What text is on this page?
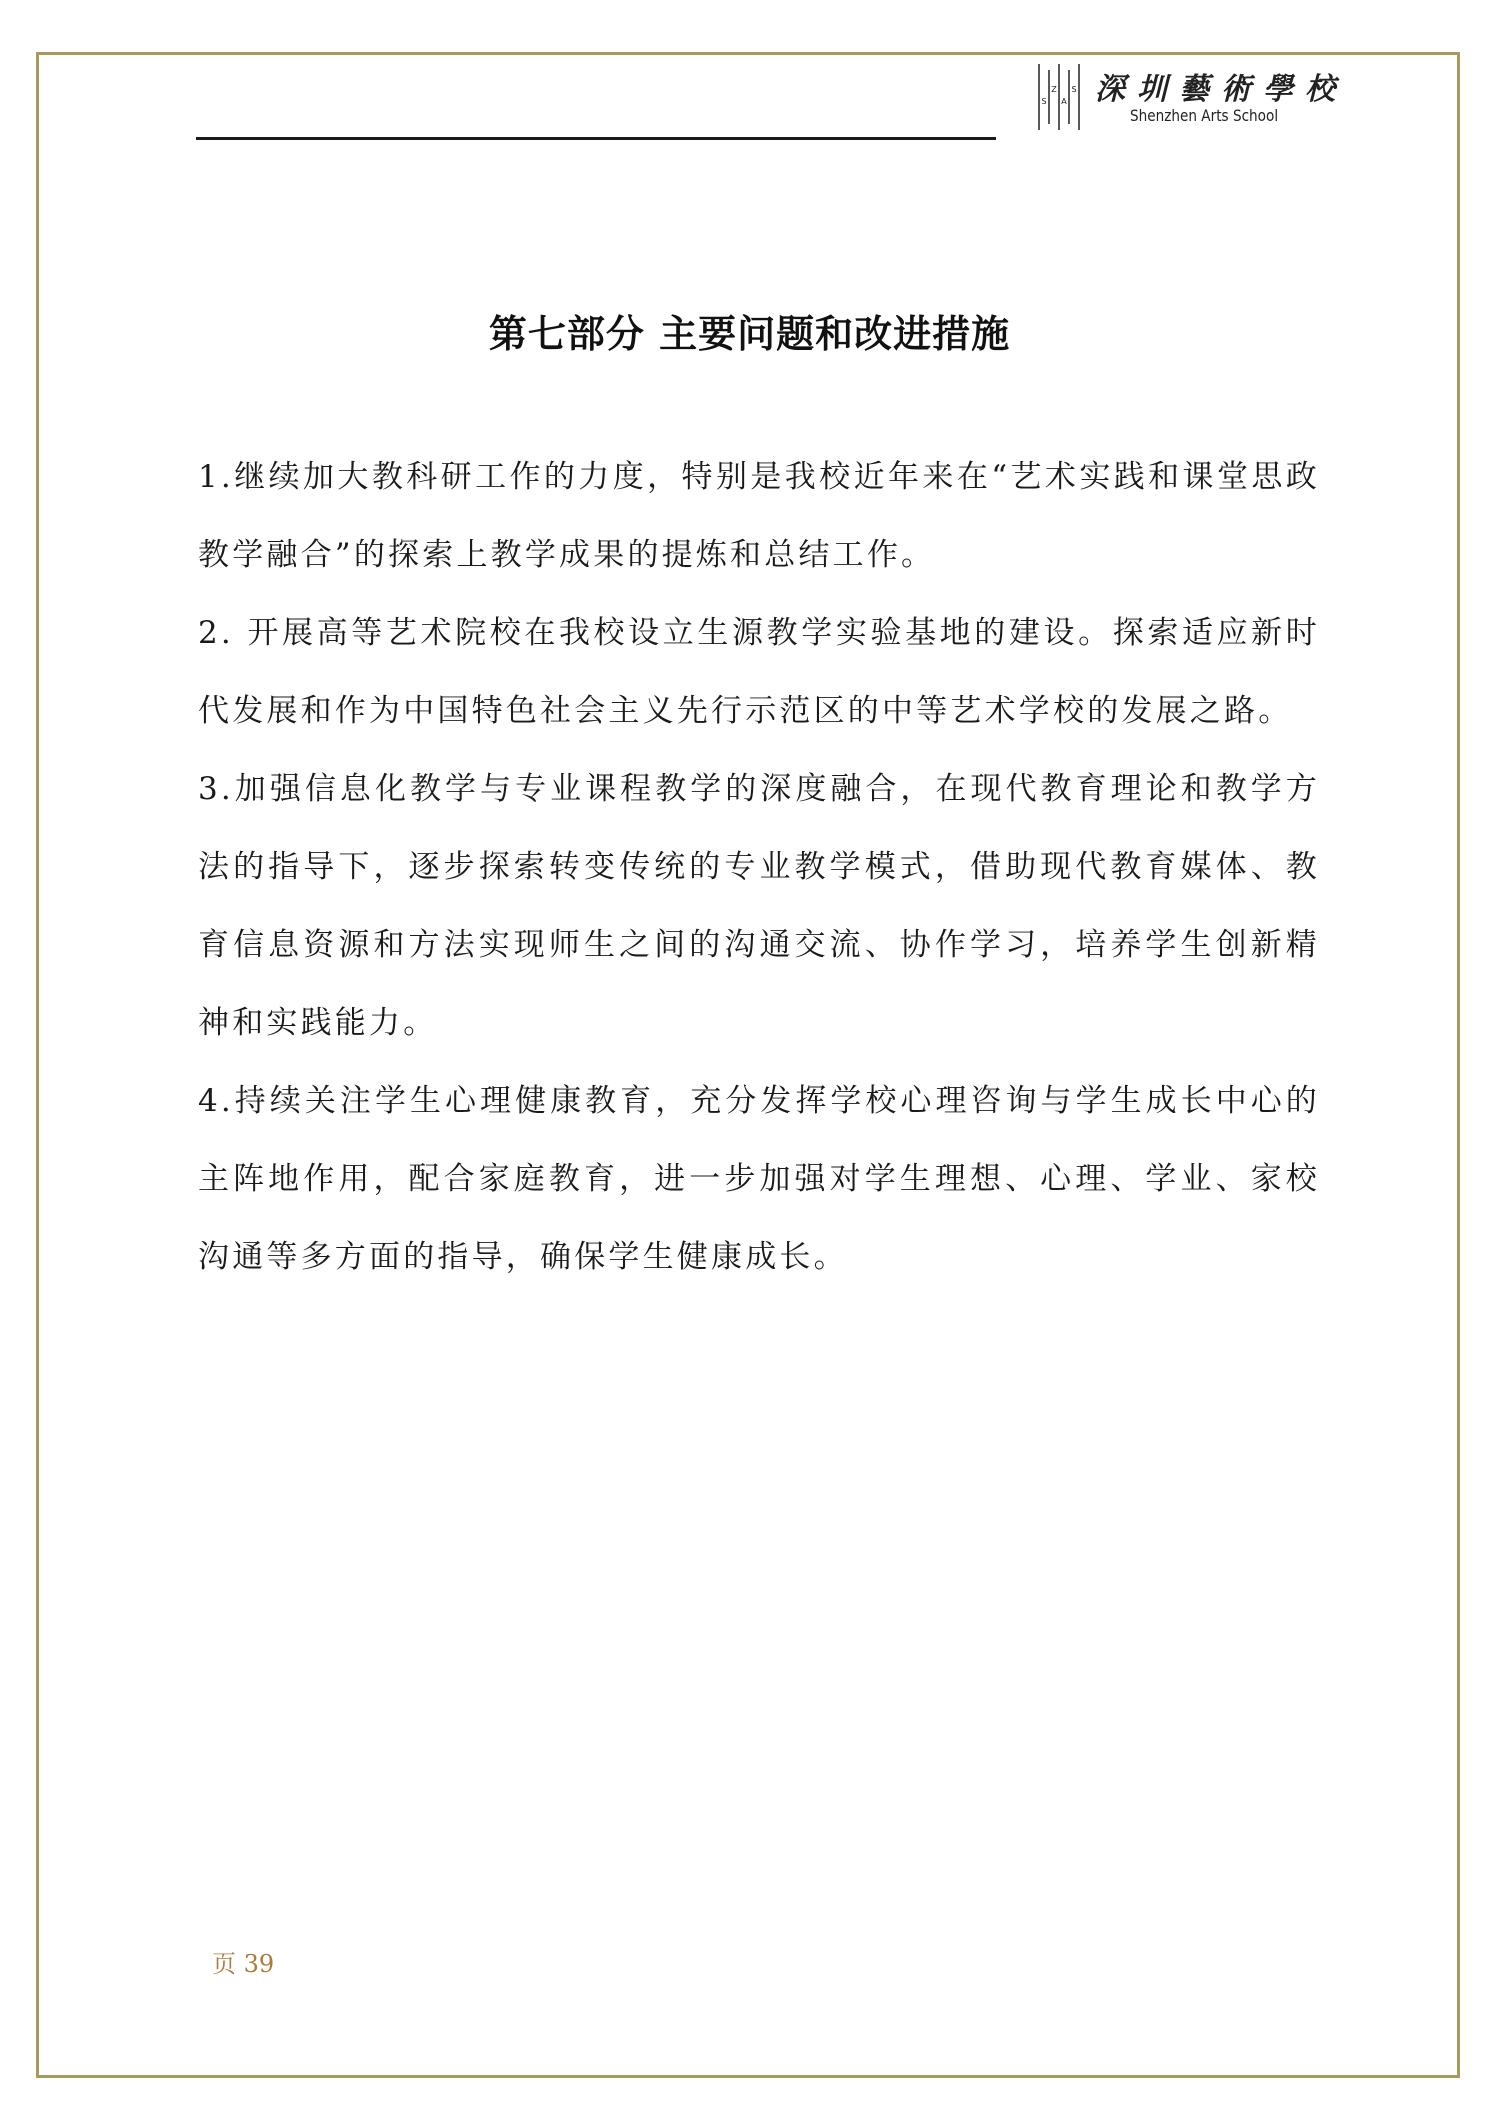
S
Z
A
S 深圳藝術學校
Shenzhen Arts School
第七部分 主要问题和改进措施

1.继续加大教科研工作的力度，特别是我校近年来在“艺术实践和课堂思政教学融合”的探索上教学成果的提炼和总结工作。

2. 开展高等艺术院校在我校设立生源教学实验基地的建设。探索适应新时代发展和作为中国特色社会主义先行示范区的中等艺术学校的发展之路。

3.加强信息化教学与专业课程教学的深度融合，在现代教育理论和教学方法的指导下，逐步探索转变传统的专业教学模式，借助现代教育媒体、教育信息资源和方法实现师生之间的沟通交流、协作学习，培养学生创新精神和实践能力。

4.持续关注学生心理健康教育，充分发挥学校心理咨询与学生成长中心的主阵地作用，配合家庭教育，进一步加强对学生理想、心理、学业、家校沟通等多方面的指导，确保学生健康成长。

页 39
